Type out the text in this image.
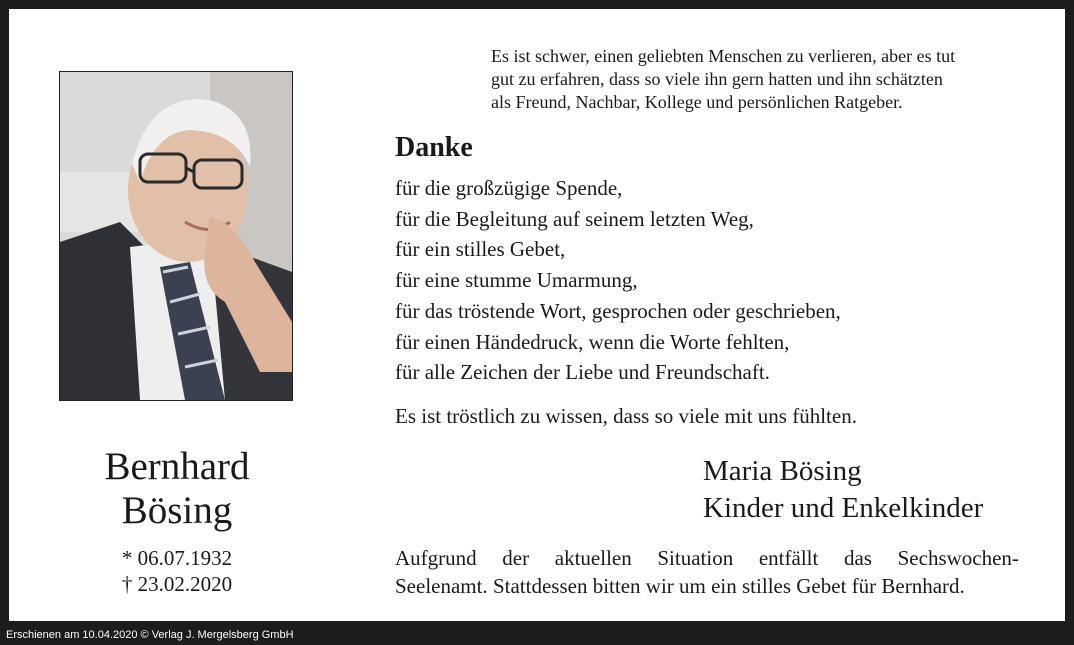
Bernhard
Bösing
* 06.07.1932
† 23.02.2020
Es ist schwer, einen geliebten Menschen zu verlieren, aber es tut
gut zu erfahren, dass so viele ihn gern hatten und ihn schätzten
als Freund, Nachbar, Kollege und persönlichen Ratgeber.
Danke
für die großzügige Spende,
für die Begleitung auf seinem letzten Weg,
für ein stilles Gebet,
für eine stumme Umarmung,
für das tröstende Wort, gesprochen oder geschrieben,
für einen Händedruck, wenn die Worte fehlten,
für alle Zeichen der Liebe und Freundschaft.
Es ist tröstlich zu wissen, dass so viele mit uns fühlten.
Maria Bösing
Kinder und Enkelkinder
Aufgrund der aktuellen Situation entfällt das Sechswochen-
Seelenamt. Stattdessen bitten wir um ein stilles Gebet für Bernhard.
Erschienen am 10.04.2020 © Verlag J. Mergelsberg GmbH
